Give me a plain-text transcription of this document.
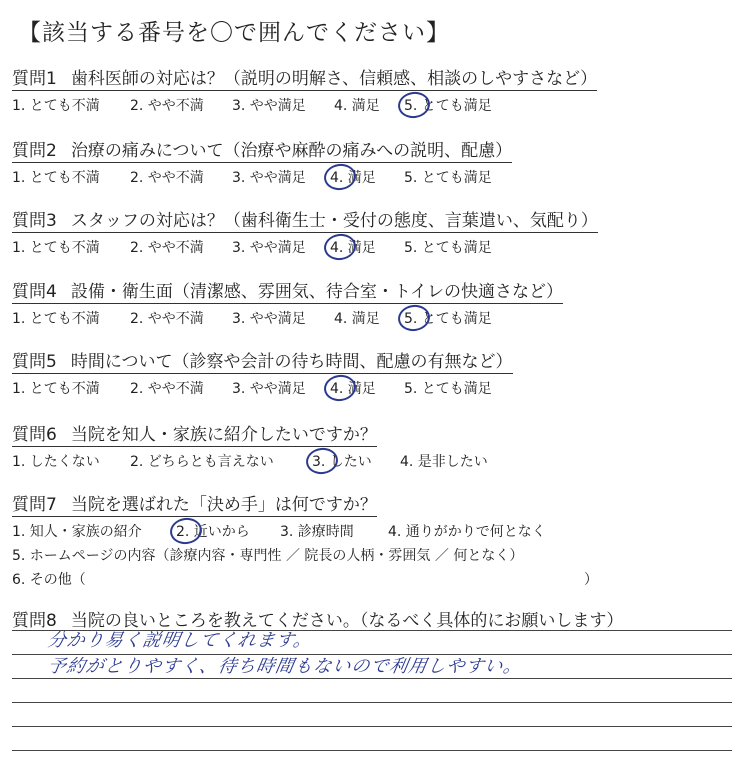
【該当する番号を〇で囲んでください】
質問1 歯科医師の対応は？（説明の明解さ、信頼感、相談のしやすさなど）
1. とても不満 2. やや不満 3. やや満足 4. 満足 5. とても満足
質問2 治療の痛みについて（治療や麻酔の痛みへの説明、配慮）
1. とても不満 2. やや不満 3. やや満足 4. 満足 5. とても満足
質問3 スタッフの対応は？（歯科衛生士・受付の態度、言葉遣い、気配り）
1. とても不満 2. やや不満 3. やや満足 4. 満足 5. とても満足
質問4 設備・衛生面（清潔感、雰囲気、待合室・トイレの快適さなど）
1. とても不満 2. やや不満 3. やや満足 4. 満足 5. とても満足
質問5 時間について（診察や会計の待ち時間、配慮の有無など）
1. とても不満 2. やや不満 3. やや満足 4. 満足 5. とても満足
質問6 当院を知人・家族に紹介したいですか？
1. したくない 2. どちらとも言えない	3. したい 4. 是非したい
質問7 当院を選ばれた「決め手」は何ですか？
1. 知人・家族の紹介 2. 近いから 3. 診療時間 4. 通りがかりで何となく
5. ホームページの内容（診療内容・専門性 ／ 院長の人柄・雰囲気 ／ 何となく）
6. その他（	）
質問8 当院の良いところを教えてください。（なるべく具体的にお願いします）
分かり易く説明してくれます。
予約がとりやすく、待ち時間もないので利用しやすい。
